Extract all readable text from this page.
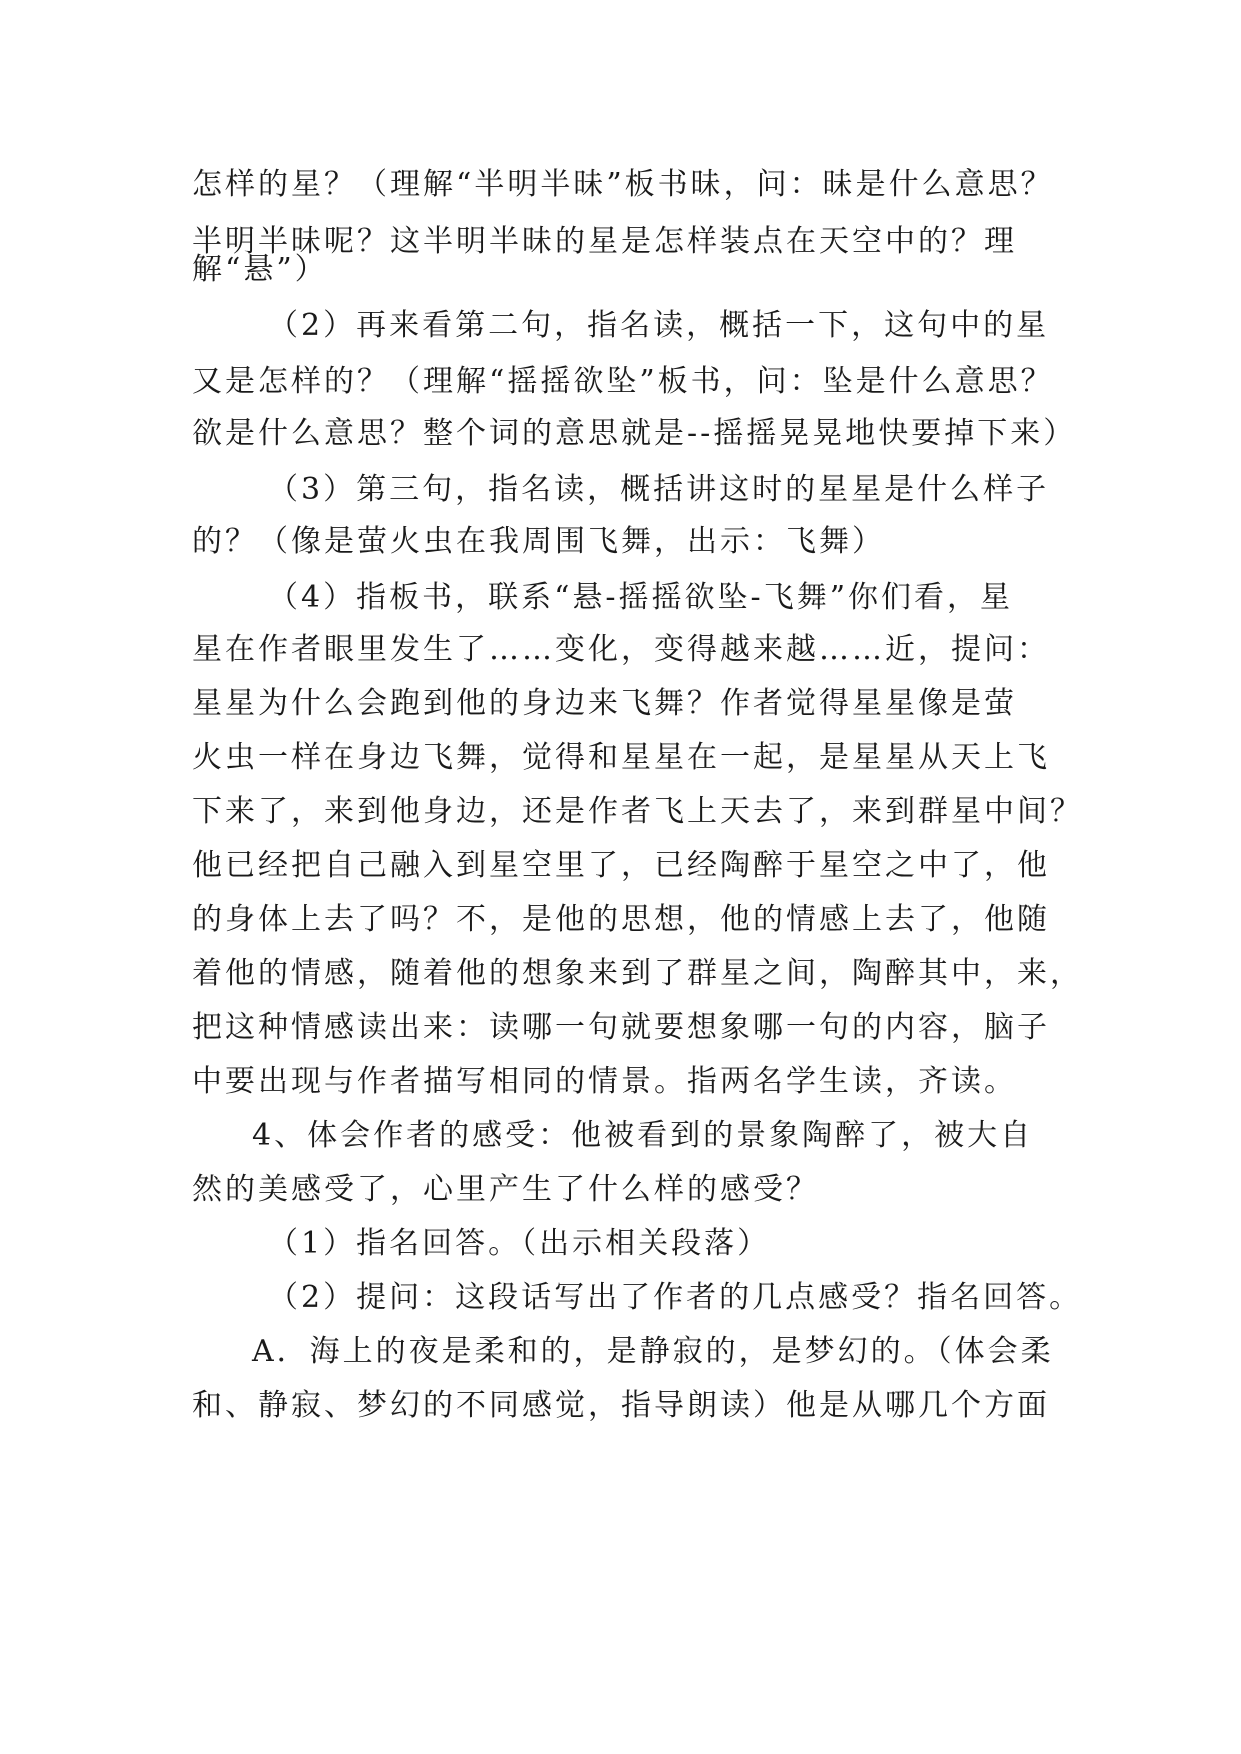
怎样的星？（理解“半明半昧”板书昧，问：昧是什么意思？
半明半昧呢？这半明半昧的星是怎样装点在天空中的？理
解“悬”）
（2）再来看第二句，指名读，概括一下，这句中的星
又是怎样的？（理解“摇摇欲坠”板书，问：坠是什么意思？
欲是什么意思？整个词的意思就是--摇摇晃晃地快要掉下来）
（3）第三句，指名读，概括讲这时的星星是什么样子
的？（像是萤火虫在我周围飞舞，出示：飞舞）
（4）指板书，联系“悬-摇摇欲坠-飞舞”你们看，星
星在作者眼里发生了……变化，变得越来越……近，提问：
星星为什么会跑到他的身边来飞舞？作者觉得星星像是萤
火虫一样在身边飞舞，觉得和星星在一起，是星星从天上飞
下来了，来到他身边，还是作者飞上天去了，来到群星中间？
他已经把自己融入到星空里了，已经陶醉于星空之中了，他
的身体上去了吗？不，是他的思想，他的情感上去了，他随
着他的情感，随着他的想象来到了群星之间，陶醉其中，来，
把这种情感读出来：读哪一句就要想象哪一句的内容，脑子
中要出现与作者描写相同的情景。指两名学生读，齐读。
4、体会作者的感受：他被看到的景象陶醉了，被大自
然的美感受了，心里产生了什么样的感受？
（1）指名回答。（出示相关段落）
（2）提问：这段话写出了作者的几点感受？指名回答。
A．海上的夜是柔和的，是静寂的，是梦幻的。（体会柔
和、静寂、梦幻的不同感觉，指导朗读）他是从哪几个方面
